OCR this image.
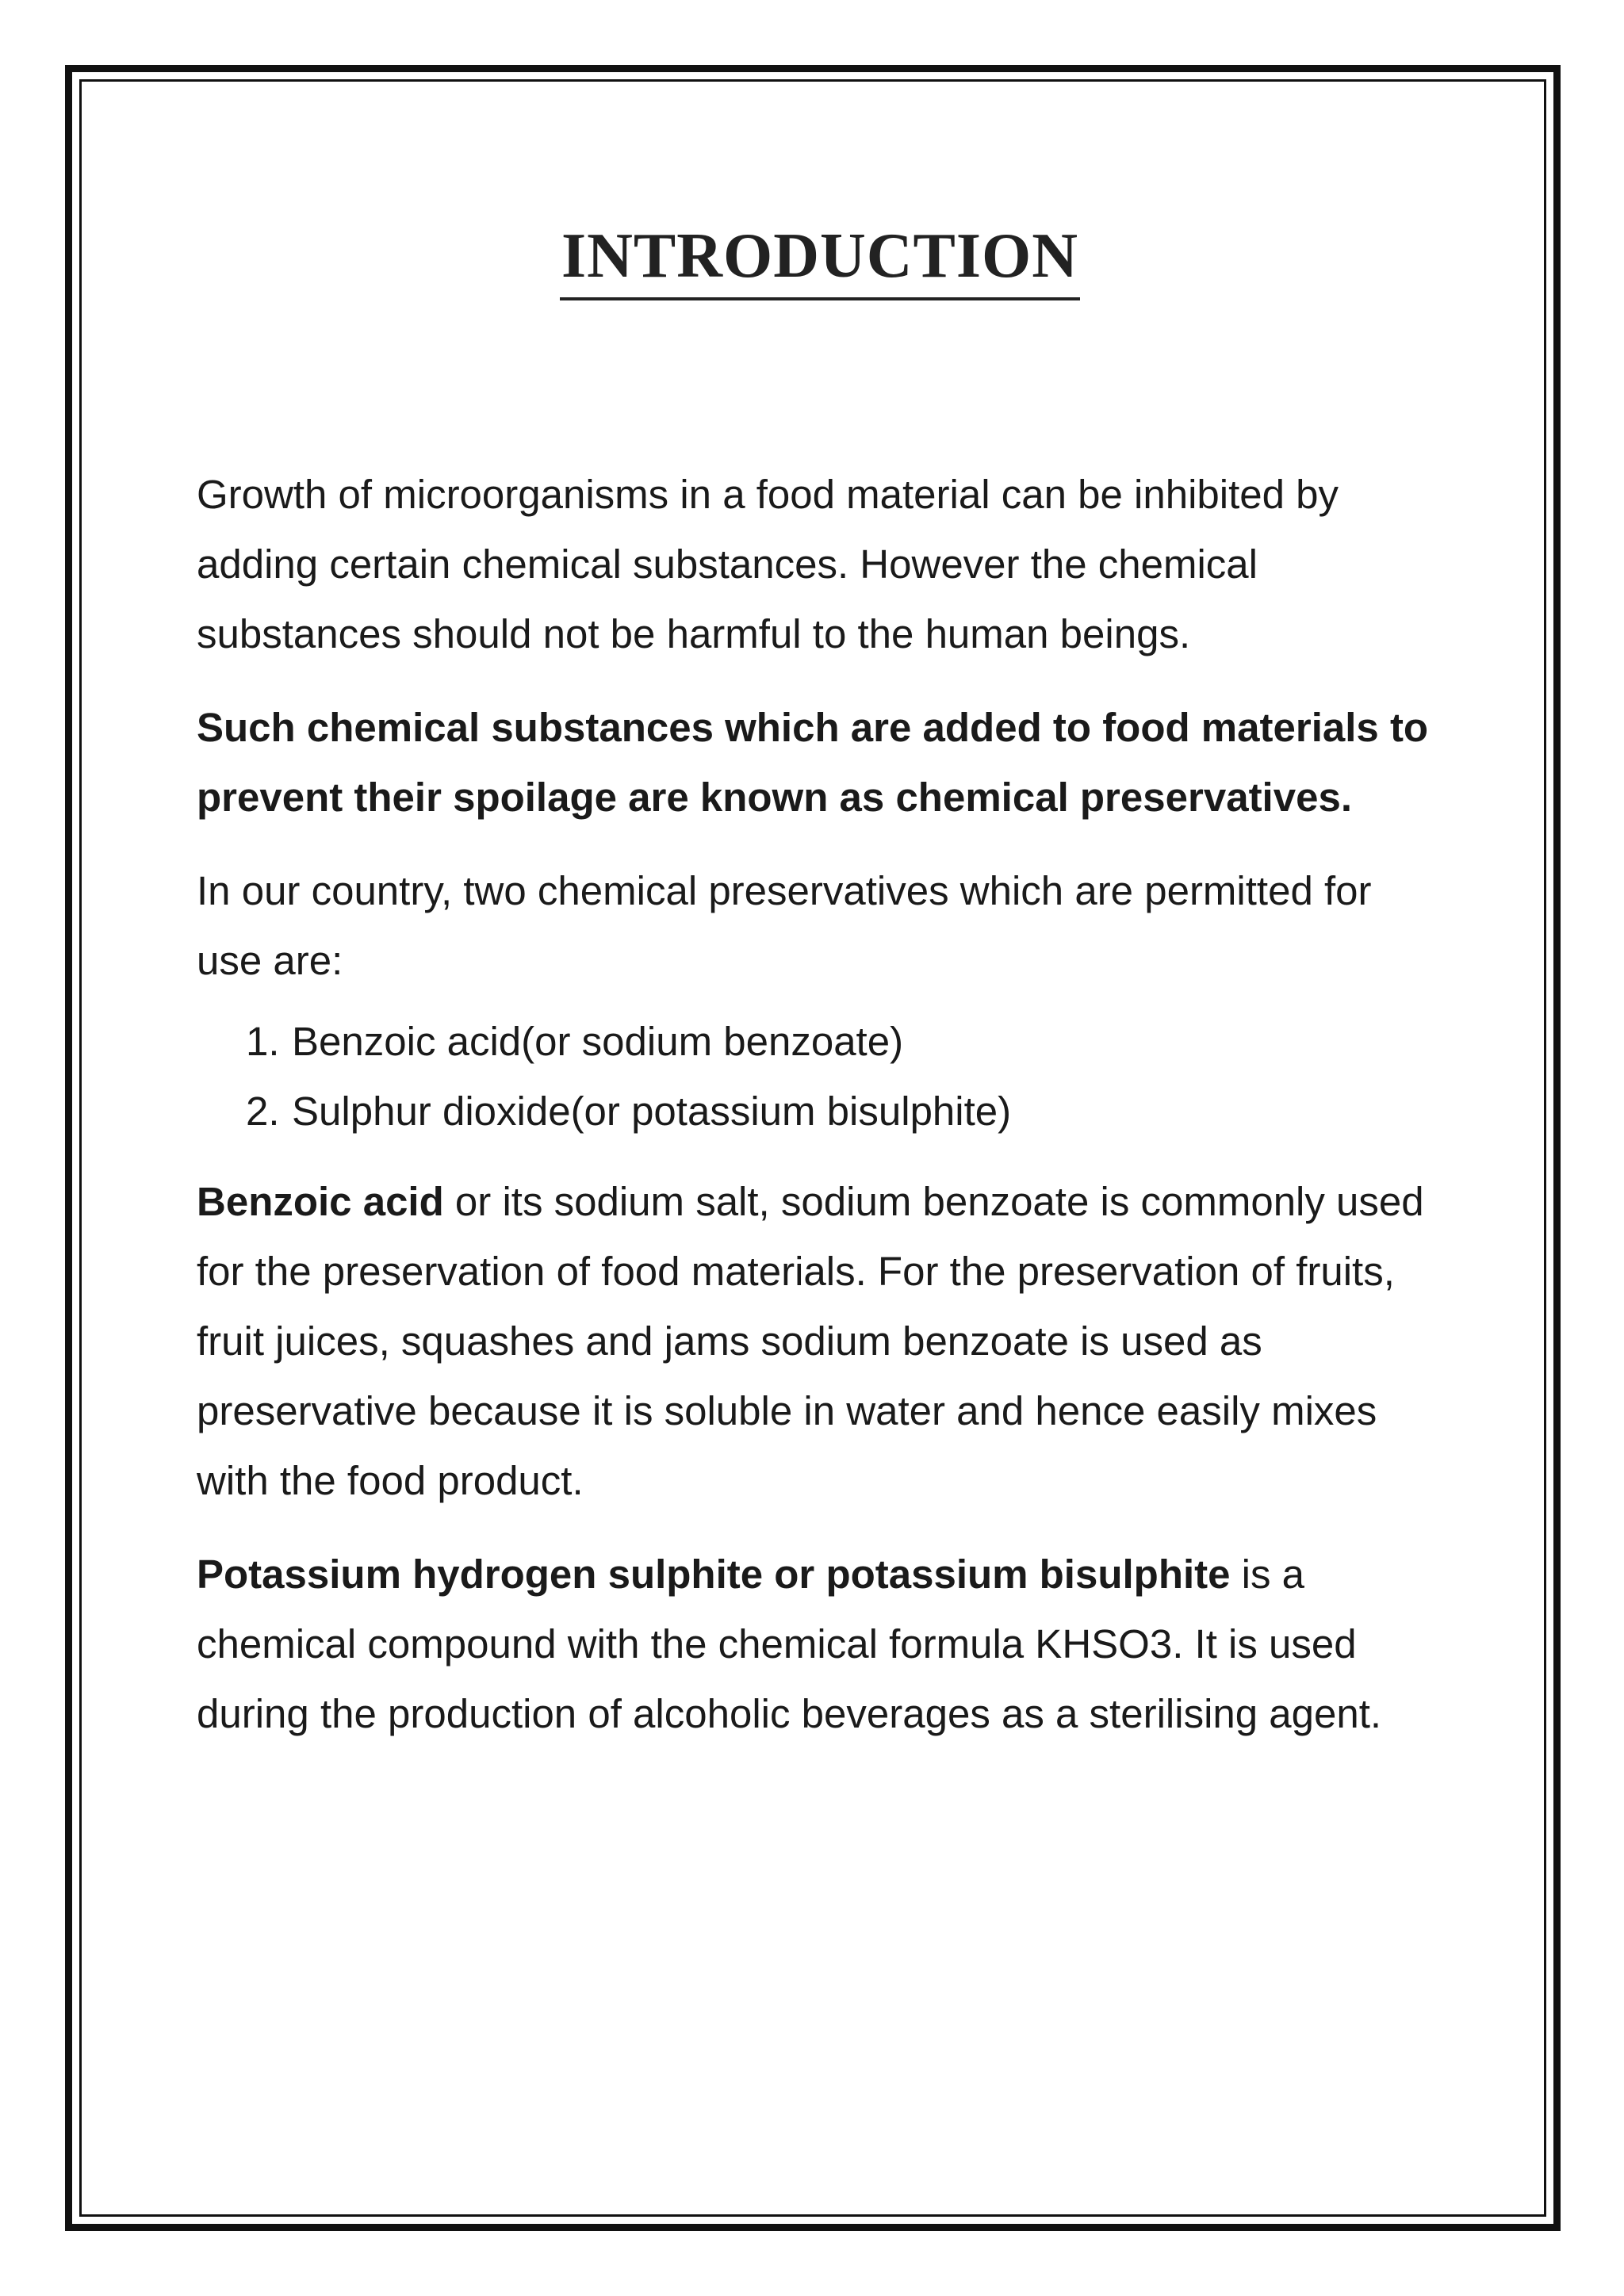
INTRODUCTION

Growth of microorganisms in a food material can be inhibited by adding certain chemical substances. However the chemical substances should not be harmful to the human beings.

Such chemical substances which are added to food materials to prevent their spoilage are known as chemical preservatives.

In our country, two chemical preservatives which are permitted for use are:

1. Benzoic acid(or sodium benzoate)
2. Sulphur dioxide(or potassium bisulphite)

Benzoic acid or its sodium salt, sodium benzoate is commonly used for the preservation of food materials. For the preservation of fruits, fruit juices, squashes and jams sodium benzoate is used as preservative because it is soluble in water and hence easily mixes with the food product.

Potassium hydrogen sulphite or potassium bisulphite is a chemical compound with the chemical formula KHSO3. It is used during the production of alcoholic beverages as a sterilising agent.
